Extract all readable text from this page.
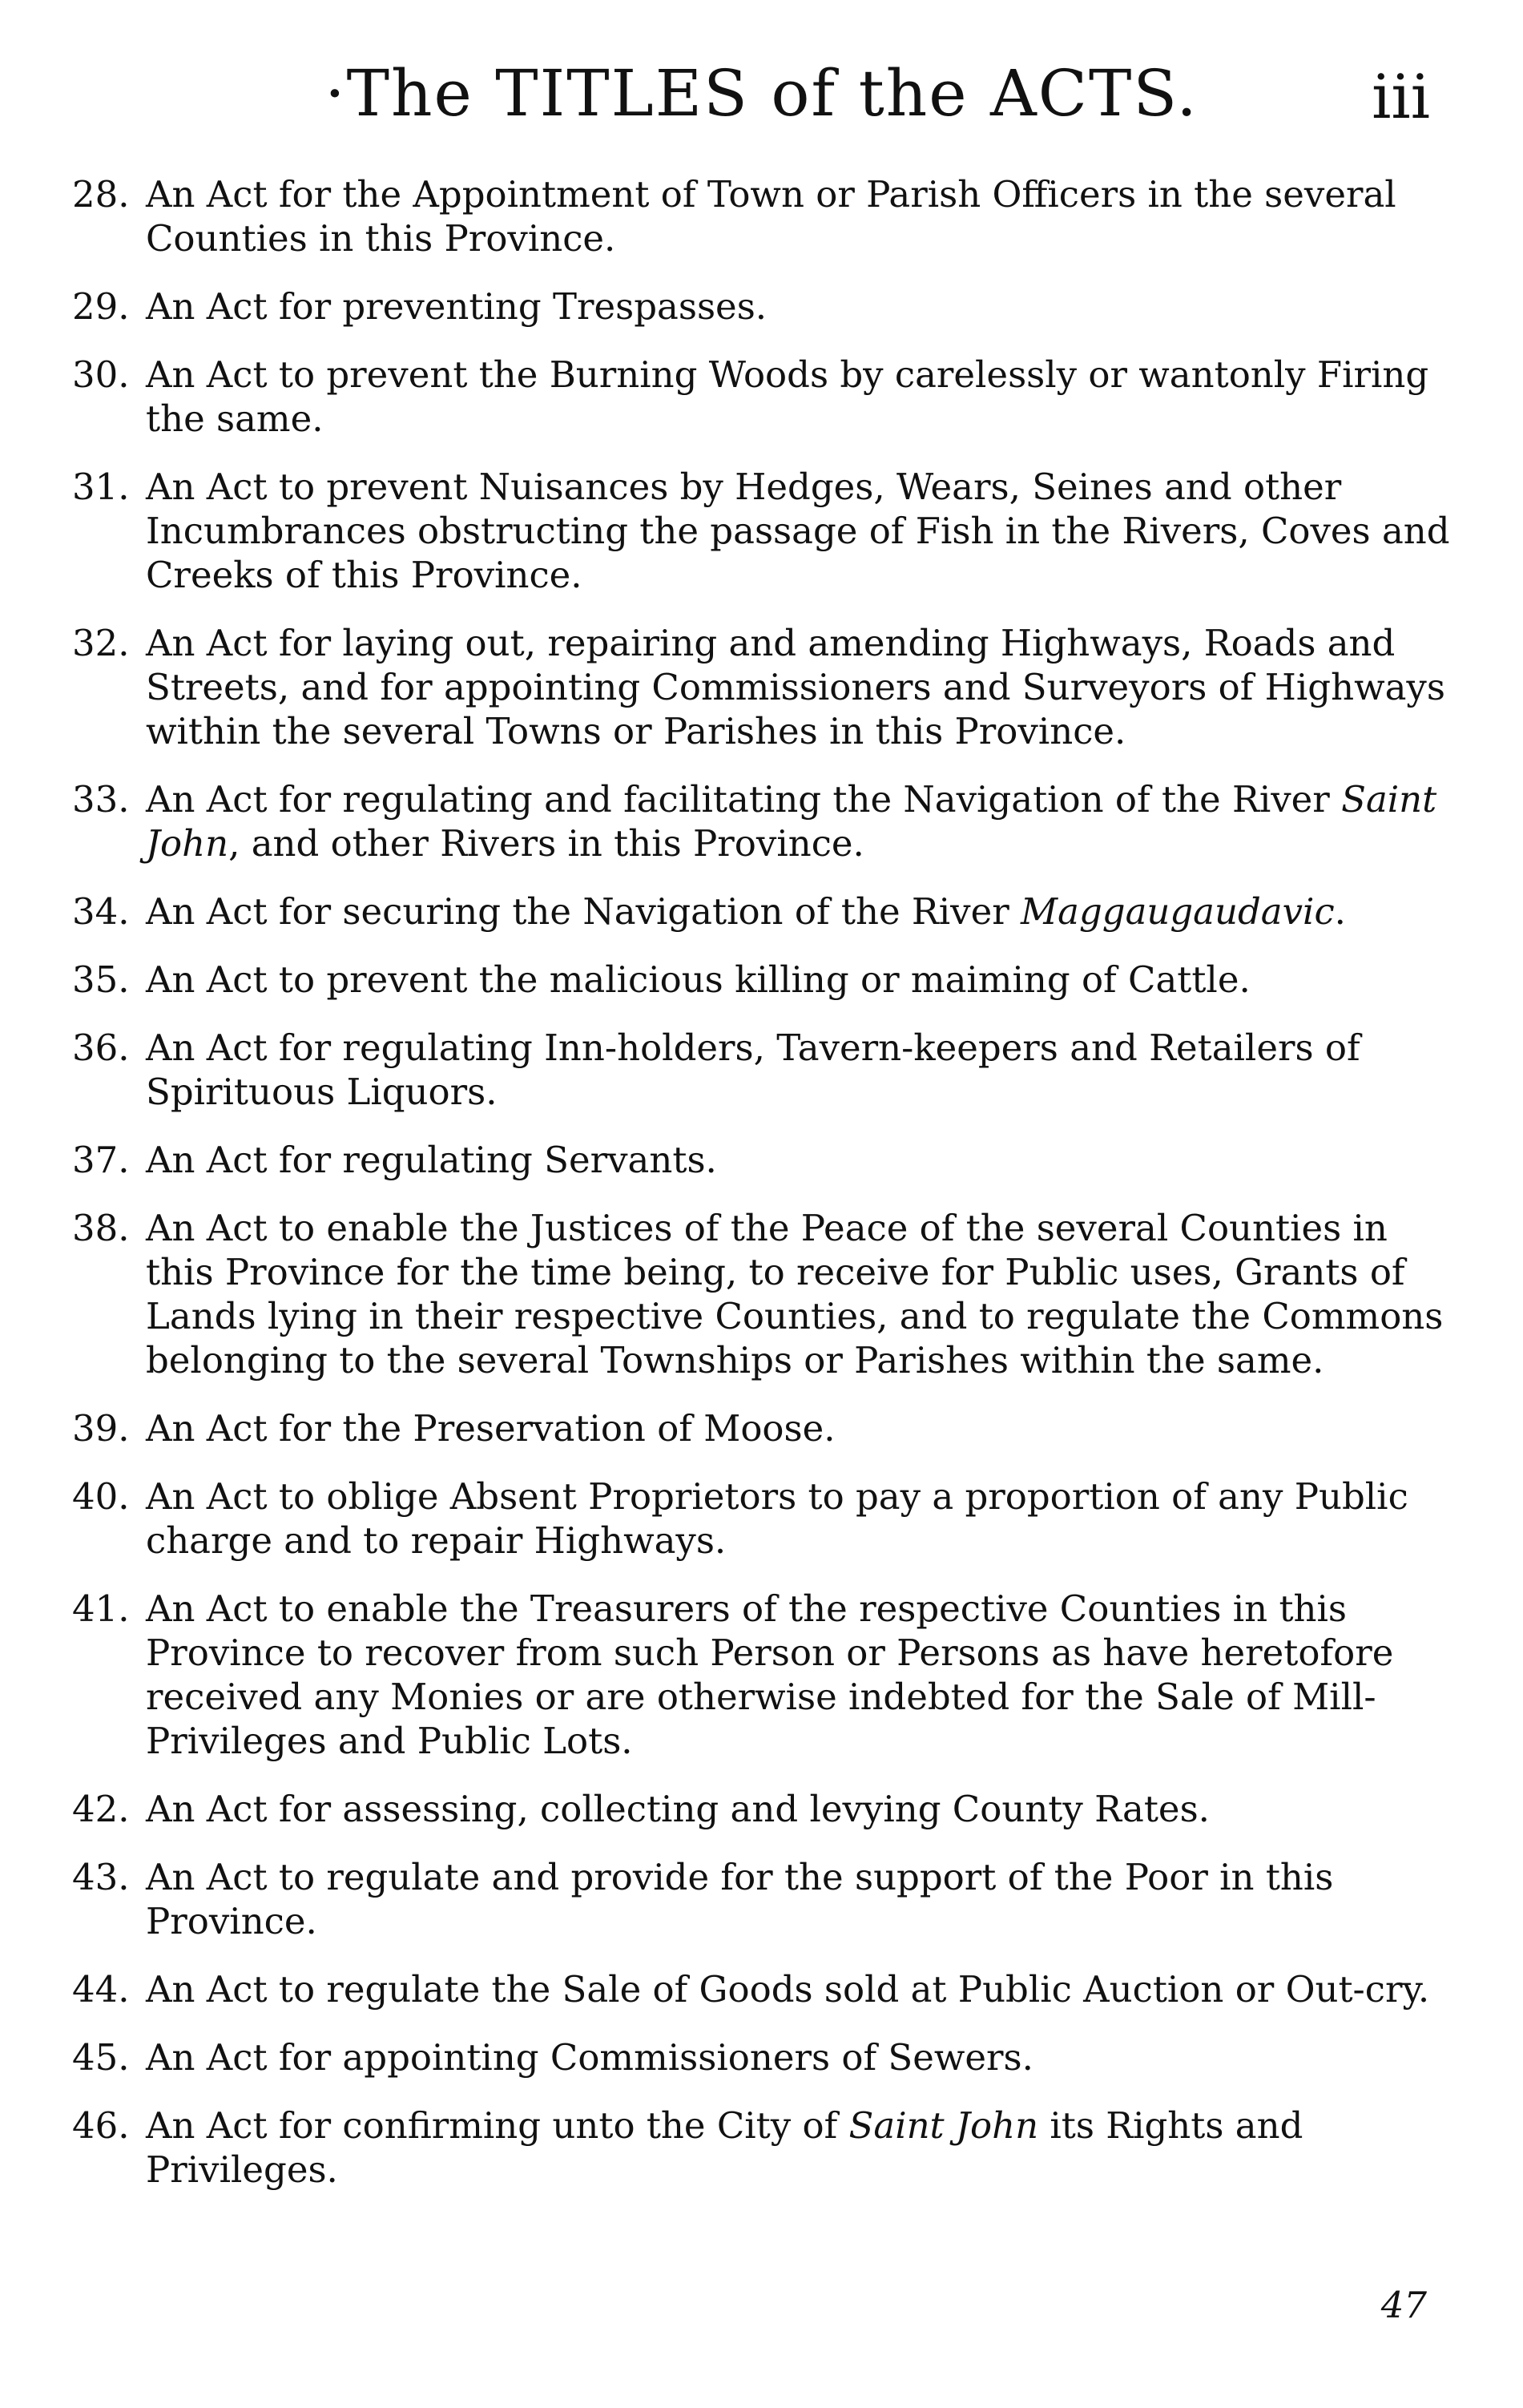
·The TITLES of the ACTS.	iii
28. An Act for the Appointment of Town or Parish Officers in the several Counties in this Province.
29. An Act for preventing Trespasses.
30. An Act to prevent the Burning Woods by carelessly or wantonly Firing the same.
31. An Act to prevent Nuisances by Hedges, Wears, Seines and other Incumbrances obstructing the passage of Fish in the Rivers, Coves and Creeks of this Province.
32. An Act for laying out, repairing and amending Highways, Roads and Streets, and for appointing Commissioners and Surveyors of Highways within the several Towns or Parishes in this Province.
33. An Act for regulating and facilitating the Navigation of the River Saint John, and other Rivers in this Province.
34. An Act for securing the Navigation of the River Maggaugaudavic.
35. An Act to prevent the malicious killing or maiming of Cattle.
36. An Act for regulating Inn-holders, Tavern-keepers and Retailers of Spirituous Liquors.
37. An Act for regulating Servants.
38. An Act to enable the Justices of the Peace of the several Counties in this Province for the time being, to receive for Public uses, Grants of Lands lying in their respective Counties, and to regulate the Commons belonging to the several Townships or Parishes within the same.
39. An Act for the Preservation of Moose.
40. An Act to oblige Absent Proprietors to pay a proportion of any Public charge and to repair Highways.
41. An Act to enable the Treasurers of the respective Counties in this Province to recover from such Person or Persons as have heretofore received any Monies or are otherwise indebted for the Sale of Mill-Privileges and Public Lots.
42. An Act for assessing, collecting and levying County Rates.
43. An Act to regulate and provide for the support of the Poor in this Province.
44. An Act to regulate the Sale of Goods sold at Public Auction or Out-cry.
45. An Act for appointing Commissioners of Sewers.
46. An Act for confirming unto the City of Saint John its Rights and Privileges.
47
